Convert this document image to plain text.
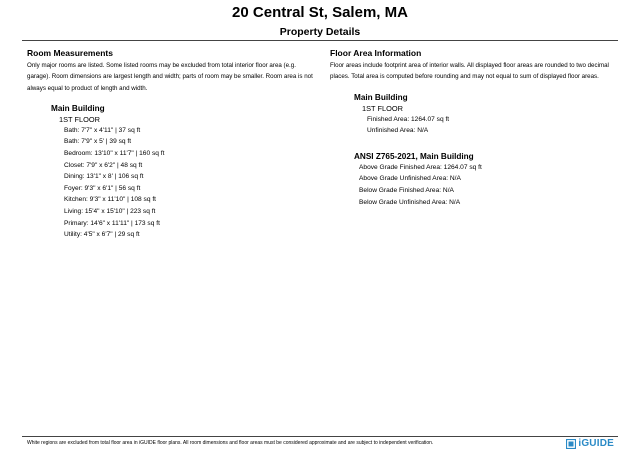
20 Central St, Salem, MA
Property Details
Room Measurements

Only major rooms are listed. Some listed rooms may be excluded from total interior floor area (e.g. garage). Room dimensions are largest length and width; parts of room may be smaller. Room area is not always equal to product of length and width.

Main Building
1ST FLOOR
Bath: 7'7" x 4'11" | 37 sq ft
Bath: 7'9" x 5' | 39 sq ft
Bedroom: 13'10" x 11'7" | 160 sq ft
Closet: 7'9" x 6'2" | 48 sq ft
Dining: 13'1" x 8' | 106 sq ft
Foyer: 9'3" x 6'1" | 56 sq ft
Kitchen: 9'3" x 11'10" | 108 sq ft
Living: 15'4" x 15'10" | 223 sq ft
Primary: 14'6" x 11'11" | 173 sq ft
Utility: 4'5" x 6'7" | 29 sq ft
Floor Area Information

Floor areas include footprint area of interior walls. All displayed floor areas are rounded to two decimal places. Total area is computed before rounding and may not equal to sum of displayed floor areas.

Main Building
1ST FLOOR
Finished Area: 1264.07 sq ft
Unfinished Area: N/A
ANSI Z765-2021, Main Building
Above Grade Finished Area: 1264.07 sq ft
Above Grade Unfinished Area: N/A
Below Grade Finished Area: N/A
Below Grade Unfinished Area: N/A
White regions are excluded from total floor area in iGUIDE floor plans. All room dimensions and floor areas must be considered approximate and are subject to independent verification.	iGUIDE
